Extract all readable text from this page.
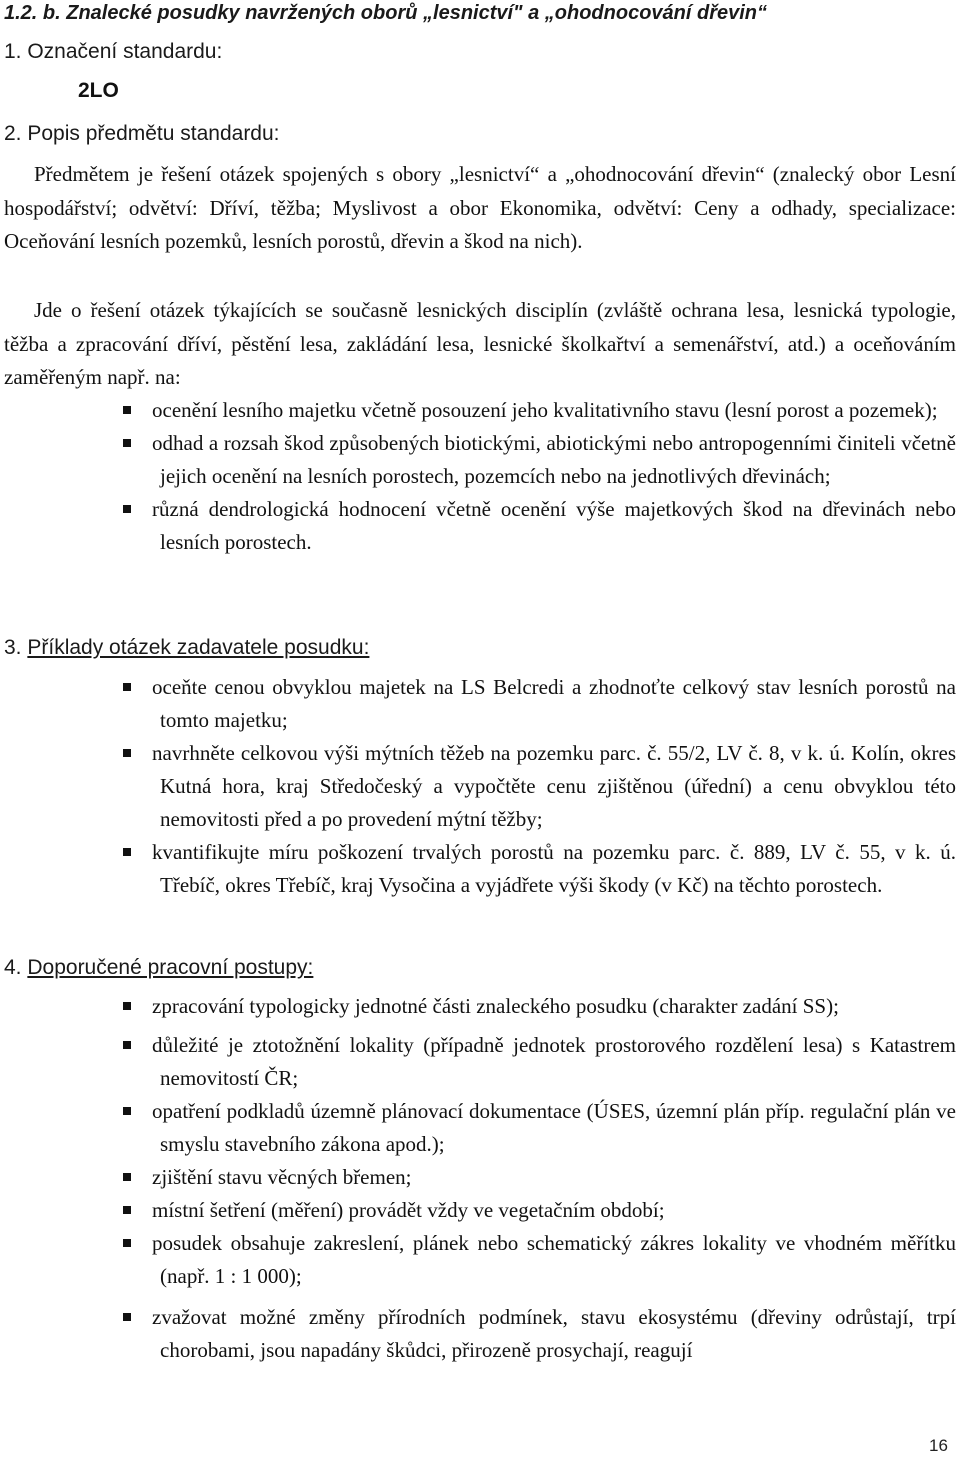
1.2. b. Znalecké posudky navržených oborů „lesnictví" a „ohodnocování dřevin“
1. Označení standardu:
2LO
2. Popis předmětu standardu:
Předmětem je řešení otázek spojených s obory „lesnictví“ a „ohodnocování dřevin“ (znalecký obor Lesní hospodářství; odvětví: Dříví, těžba; Myslivost a obor Ekonomika, odvětví: Ceny a odhady, specializace: Oceňování lesních pozemků, lesních porostů, dřevin a škod na nich).
Jde o řešení otázek týkajících se současně lesnických disciplín (zvláště ochrana lesa, lesnická typologie, těžba a zpracování dříví, pěstění lesa, zakládání lesa, lesnické školkařtví a semenářství, atd.) a oceňováním zaměřeným např. na:
ocenění lesního majetku včetně posouzení jeho kvalitativního stavu (lesní porost a pozemek);
odhad a rozsah škod způsobených biotickými, abiotickými nebo antropogenními činiteli včetně jejich ocenění na lesních porostech, pozemcích nebo na jednotlivých dřevinách;
různá dendrologická hodnocení včetně ocenění výše majetkových škod na dřevinách nebo lesních porostech.
3. Příklady otázek zadavatele posudku:
oceňte cenou obvyklou majetek na LS Belcredi a zhodnoťte celkový stav lesních porostů na tomto majetku;
navrhněte celkovou výši mýtních těžeb na pozemku parc. č. 55/2, LV č. 8, v k. ú. Kolín, okres Kutná hora, kraj Středočeský a vypočtěte cenu zjištěnou (úřední) a cenu obvyklou této nemovitosti před a po provedení mýtní těžby;
kvantifikujte míru poškození trvalých porostů na pozemku parc. č. 889, LV č. 55, v k. ú. Třebíč, okres Třebíč, kraj Vysočina a vyjádřete výši škody (v Kč) na těchto porostech.
4. Doporučené pracovní postupy:
zpracování typologicky jednotné části znaleckého posudku (charakter zadání SS);
důležité je ztotožnění lokality (případně jednotek prostorového rozdělení lesa) s Katastrem nemovitostí ČR;
opatření podkladů územně plánovací dokumentace (ÚSES, územní plán příp. regulační plán ve smyslu stavebního zákona apod.);
zjištění stavu věcných břemen;
místní šetření (měření) provádět vždy ve vegetačním období;
posudek obsahuje zakreslení, plánek nebo schematický zákres lokality ve vhodném měřítku (např. 1 : 1 000);
zvažovat možné změny přírodních podmínek, stavu ekosystému (dřeviny odrůstají, trpí chorobami, jsou napadány škůdci, přirozeně prosychají, reagují
16
